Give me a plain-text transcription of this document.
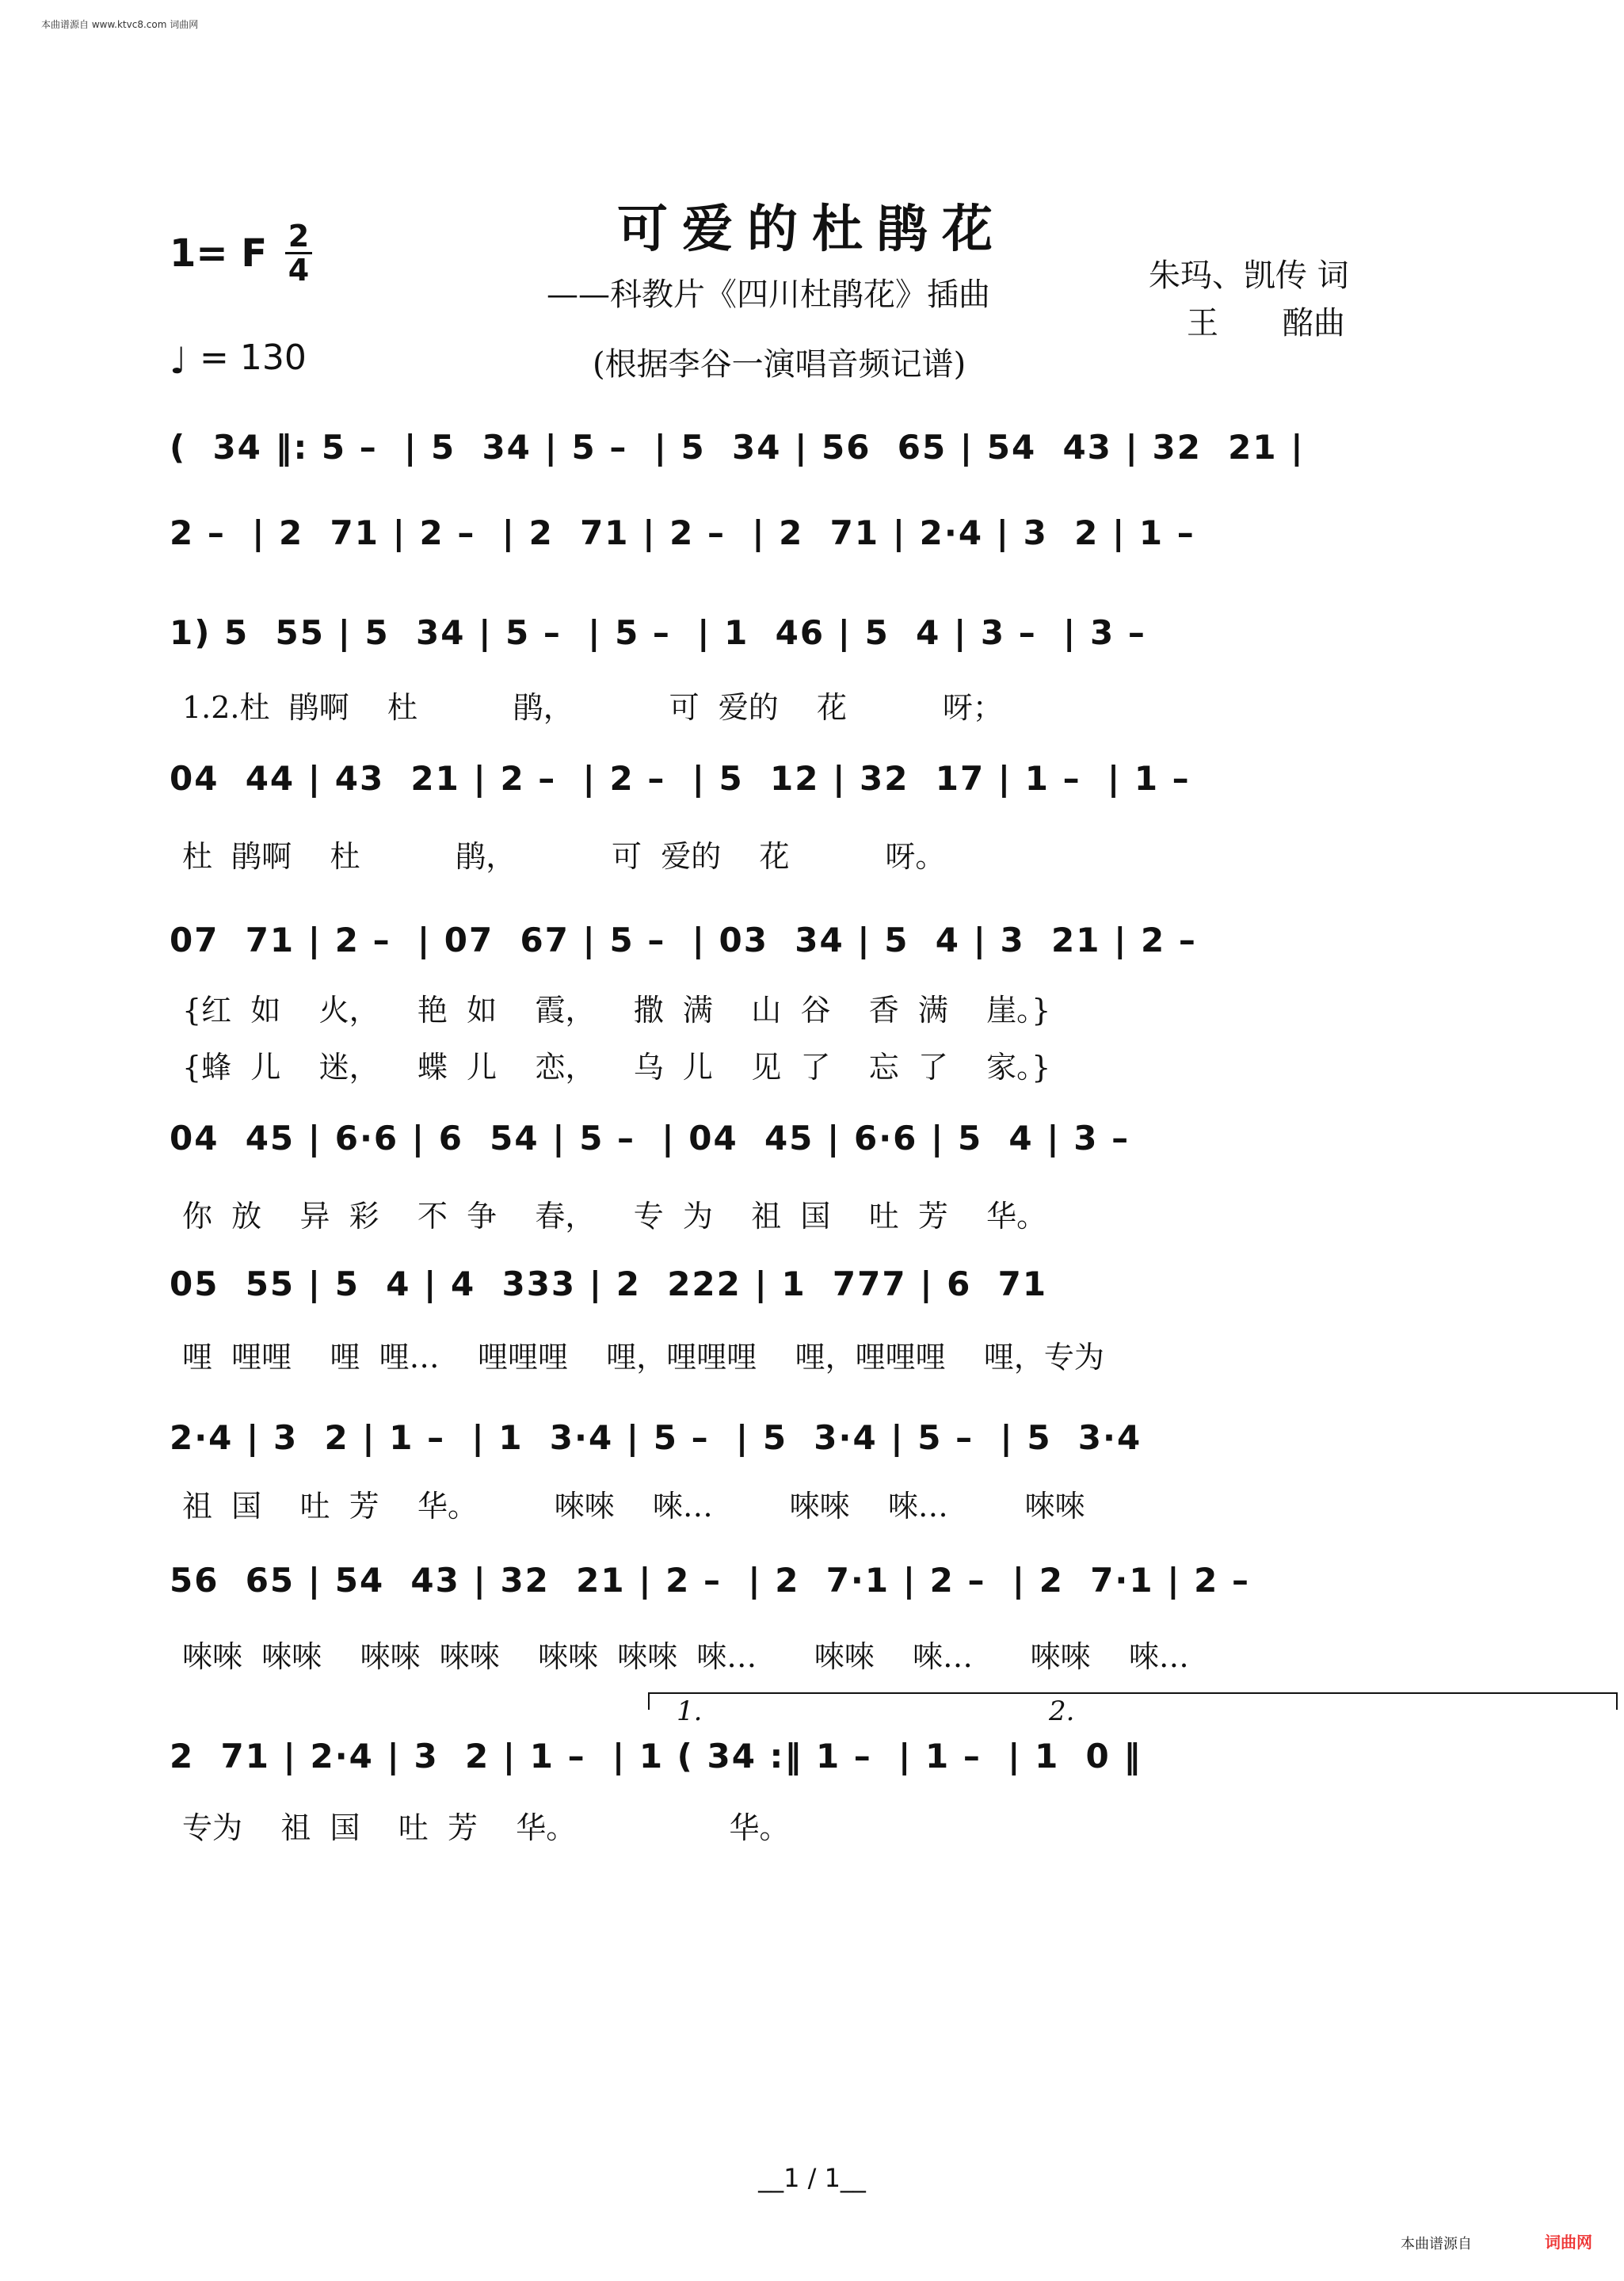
本曲谱源自 www.ktvc8.com 词曲网
可爱的杜鹃花
——科教片《四川杜鹃花》插曲
(根据李谷一演唱音频记谱)
朱玛、凯传 词
王　　酩曲
1= F 2
4
♩ = 130
(  34 ‖: 5 –  | 5  34 | 5 –  | 5  34 | 56  65 | 54  43 | 32  21 |
2 –  | 2  71 | 2 –  | 2  71 | 2 –  | 2  71 | 2·4 | 3  2 | 1 –
1) 5  55 | 5  34 | 5 –  | 5 –  | 1  46 | 5  4 | 3 –  | 3 –
1.2.杜  鹃啊    杜          鹃，          可  爱的    花          呀；
04  44 | 43  21 | 2 –  | 2 –  | 5  12 | 32  17 | 1 –  | 1 –
杜  鹃啊    杜          鹃，          可  爱的    花          呀。
07  71 | 2 –  | 07  67 | 5 –  | 03  34 | 5  4 | 3  21 | 2 –
{红  如    火，    艳  如    霞，    撒  满    山  谷    香  满    崖。}
{蜂  儿    迷，    蝶  儿    恋，    乌  儿    见  了    忘  了    家。}
04  45 | 6·6 | 6  54 | 5 –  | 04  45 | 6·6 | 5  4 | 3 –
你  放    异  彩    不  争    春，    专  为    祖  国    吐  芳    华。
05  55 | 5  4 | 4  333 | 2  222 | 1  777 | 6  71
哩  哩哩    哩  哩…    哩哩哩    哩，哩哩哩    哩，哩哩哩    哩，专为
2·4 | 3  2 | 1 –  | 1  3·4 | 5 –  | 5  3·4 | 5 –  | 5  3·4
祖  国    吐  芳    华。        唻唻    唻…        唻唻    唻…        唻唻
56  65 | 54  43 | 32  21 | 2 –  | 2  7·1 | 2 –  | 2  7·1 | 2 –
唻唻  唻唻    唻唻  唻唻    唻唻  唻唻  唻…      唻唻    唻…      唻唻    唻…
2  71 | 2·4 | 3  2 | 1 –  | 1 ( 34 :‖ 1 –  | 1 –  | 1  0 ‖
专为    祖  国    吐  芳    华。                华。
1.	2.
__1 / 1__
本曲谱源自	词曲网
